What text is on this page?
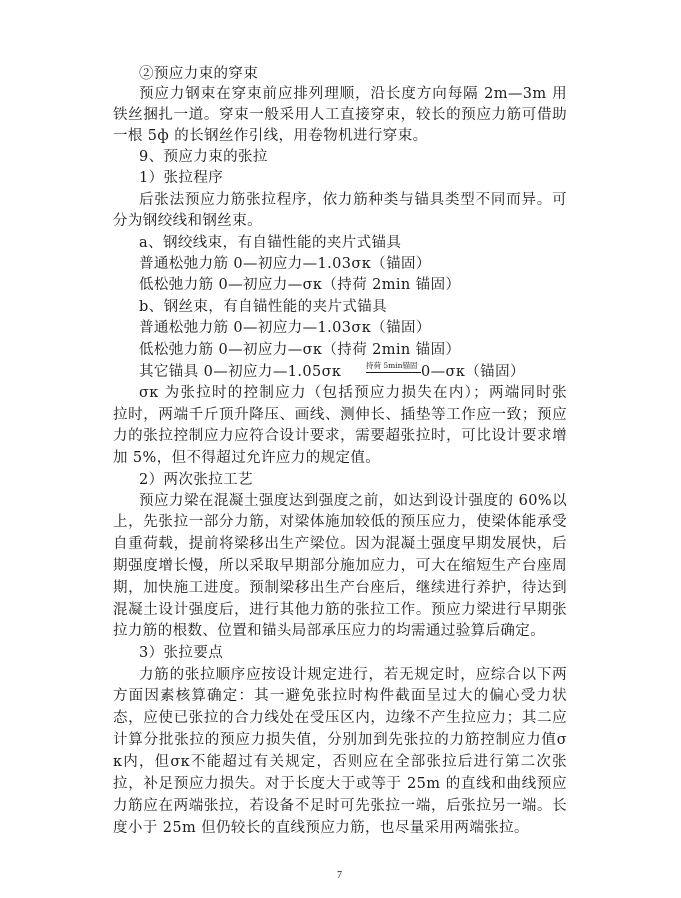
②预应力束的穿束
预应力钢束在穿束前应排列理顺，沿长度方向每隔 2m—3m 用
铁丝捆扎一道。穿束一般采用人工直接穿束，较长的预应力筋可借助
一根 5ф 的长钢丝作引线，用卷物机进行穿束。
9、预应力束的张拉
1）张拉程序
后张法预应力筋张拉程序，依力筋种类与锚具类型不同而异。可
分为钢绞线和钢丝束。
a、钢绞线束，有自锚性能的夹片式锚具
普通松弛力筋 0—初应力—1.03σκ（锚固）
低松弛力筋 0—初应力—σκ（持荷 2min 锚固）
b、钢丝束，有自锚性能的夹片式锚具
普通松弛力筋 0—初应力—1.03σκ（锚固）
低松弛力筋 0—初应力—σκ（持荷 2min 锚固）
其它锚具 0—初应力—1.05σκ	持荷 5min锚固 0—σκ（锚固）
σκ 为张拉时的控制应力（包括预应力损失在内）；两端同时张
拉时，两端千斤顶升降压、画线、测伸长、插垫等工作应一致；预应
力的张拉控制应力应符合设计要求，需要超张拉时，可比设计要求增
加 5%，但不得超过允许应力的规定值。
2）两次张拉工艺
预应力梁在混凝土强度达到强度之前，如达到设计强度的 60%以
上，先张拉一部分力筋，对梁体施加较低的预压应力，使梁体能承受
自重荷载，提前将梁移出生产梁位。因为混凝土强度早期发展快，后
期强度增长慢，所以采取早期部分施加应力，可大在缩短生产台座周
期，加快施工进度。预制梁移出生产台座后，继续进行养护，待达到
混凝土设计强度后，进行其他力筋的张拉工作。预应力梁进行早期张
拉力筋的根数、位置和锚头局部承压应力的均需通过验算后确定。
3）张拉要点
力筋的张拉顺序应按设计规定进行，若无规定时，应综合以下两
方面因素核算确定：其一避免张拉时构件截面呈过大的偏心受力状
态，应使已张拉的合力线处在受压区内，边缘不产生拉应力；其二应
计算分批张拉的预应力损失值，分别加到先张拉的力筋控制应力值σ
κ内，但σκ不能超过有关规定，否则应在全部张拉后进行第二次张
拉，补足预应力损失。对于长度大于或等于 25m 的直线和曲线预应
力筋应在两端张拉，若设备不足时可先张拉一端，后张拉另一端。长
度小于 25m 但仍较长的直线预应力筋，也尽量采用两端张拉。
7
